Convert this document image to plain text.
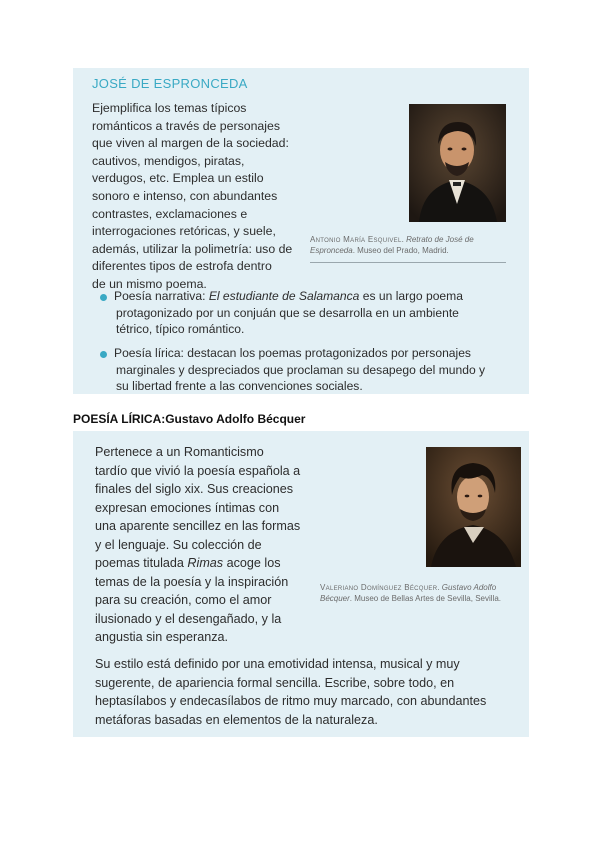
JOSÉ DE ESPRONCEDA
Ejemplifica los temas típicos
románticos a través de personajes
que viven al margen de la sociedad:
cautivos, mendigos, piratas,
verdugos, etc. Emplea un estilo
sonoro e intenso, con abundantes
contrastes, exclamaciones e
interrogaciones retóricas, y suele,
además, utilizar la polimetría: uso de
diferentes tipos de estrofa dentro
de un mismo poema.
Antonio María Esquivel. Retrato de José de Espronceda. Museo del Prado, Madrid.
Poesía narrativa: El estudiante de Salamanca es un largo poema
protagonizado por un conjuán que se desarrolla en un ambiente
tétrico, típico romántico.
Poesía lírica: destacan los poemas protagonizados por personajes
marginales y despreciados que proclaman su desapego del mundo y
su libertad frente a las convenciones sociales.
POESÍA LÍRICA:Gustavo Adolfo Bécquer
Pertenece a un Romanticismo
tardío que vivió la poesía española a
finales del siglo xix. Sus creaciones
expresan emociones íntimas con
una aparente sencillez en las formas
y el lenguaje. Su colección de
poemas titulada Rimas acoge los
temas de la poesía y la inspiración
para su creación, como el amor
ilusionado y el desengañado, y la
angustia sin esperanza.
Valeriano Domínguez Bécquer. Gustavo Adolfo Bécquer. Museo de Bellas Artes de Sevilla, Sevilla.
Su estilo está definido por una emotividad intensa, musical y muy
sugerente, de apariencia formal sencilla. Escribe, sobre todo, en
heptasílabos y endecasílabos de ritmo muy marcado, con abundantes
metáforas basadas en elementos de la naturaleza.
